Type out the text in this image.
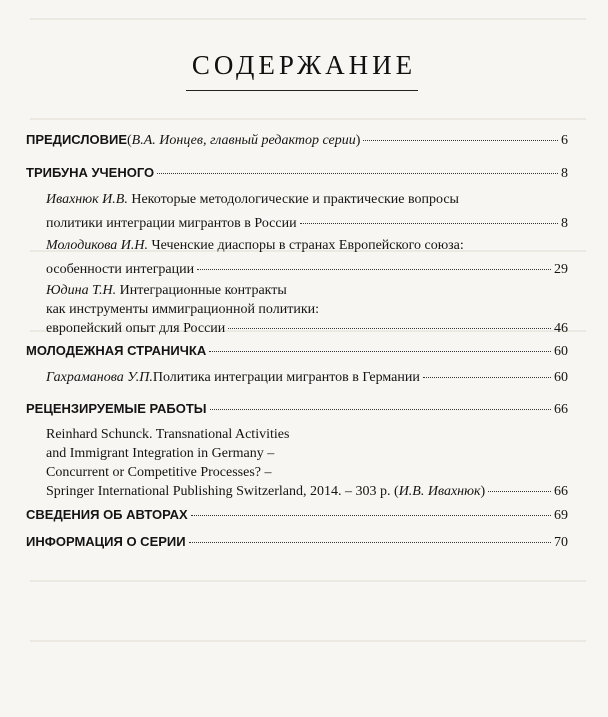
СОДЕРЖАНИЕ
ПРЕДИСЛОВИЕ ( В.А. Ионцев, главный редактор серии )	6
ТРИБУНА УЧЕНОГО	8
Ивахнюк И.В. Некоторые методологические и практические вопросы
политики интеграции мигрантов в России	8
Молодикова И.Н. Чеченские диаспоры в странах Европейского союза:
особенности интеграции	29
Юдина Т.Н. Интеграционные контракты
как инструменты иммиграционной политики:
европейский опыт для России	46
МОЛОДЕЖНАЯ СТРАНИЧКА	60
Гахраманова У.П. Политика интеграции мигрантов в Германии	60
РЕЦЕНЗИРУЕМЫЕ РАБОТЫ	66
Reinhard Schunck. Transnational Activities
and Immigrant Integration in Germany –
Concurrent or Competitive Processes? –
Springer International Publishing Switzerland, 2014. – 303 p. ( И.В. Ивахнюк )	66
СВЕДЕНИЯ ОБ АВТОРАХ	69
ИНФОРМАЦИЯ О СЕРИИ	70
